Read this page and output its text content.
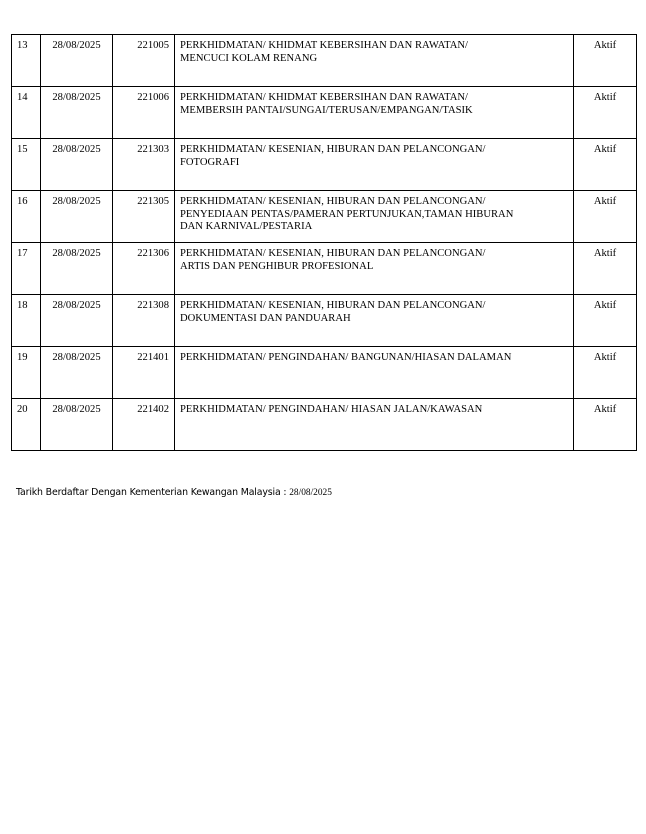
13	28/08/2025	221005	PERKHIDMATAN/ KHIDMAT KEBERSIHAN DAN RAWATAN/
MENCUCI KOLAM RENANG	Aktif
14	28/08/2025	221006	PERKHIDMATAN/ KHIDMAT KEBERSIHAN DAN RAWATAN/
MEMBERSIH PANTAI/SUNGAI/TERUSAN/EMPANGAN/TASIK	Aktif
15	28/08/2025	221303	PERKHIDMATAN/ KESENIAN, HIBURAN DAN PELANCONGAN/
FOTOGRAFI	Aktif
16	28/08/2025	221305	PERKHIDMATAN/ KESENIAN, HIBURAN DAN PELANCONGAN/
PENYEDIAAN PENTAS/PAMERAN PERTUNJUKAN,TAMAN HIBURAN
DAN KARNIVAL/PESTARIA	Aktif
17	28/08/2025	221306	PERKHIDMATAN/ KESENIAN, HIBURAN DAN PELANCONGAN/
ARTIS DAN PENGHIBUR PROFESIONAL	Aktif
18	28/08/2025	221308	PERKHIDMATAN/ KESENIAN, HIBURAN DAN PELANCONGAN/
DOKUMENTASI DAN PANDUARAH	Aktif
19	28/08/2025	221401	PERKHIDMATAN/ PENGINDAHAN/ BANGUNAN/HIASAN DALAMAN	Aktif
20	28/08/2025	221402	PERKHIDMATAN/ PENGINDAHAN/ HIASAN JALAN/KAWASAN	Aktif
Tarikh Berdaftar Dengan Kementerian Kewangan Malaysia : 28/08/2025
